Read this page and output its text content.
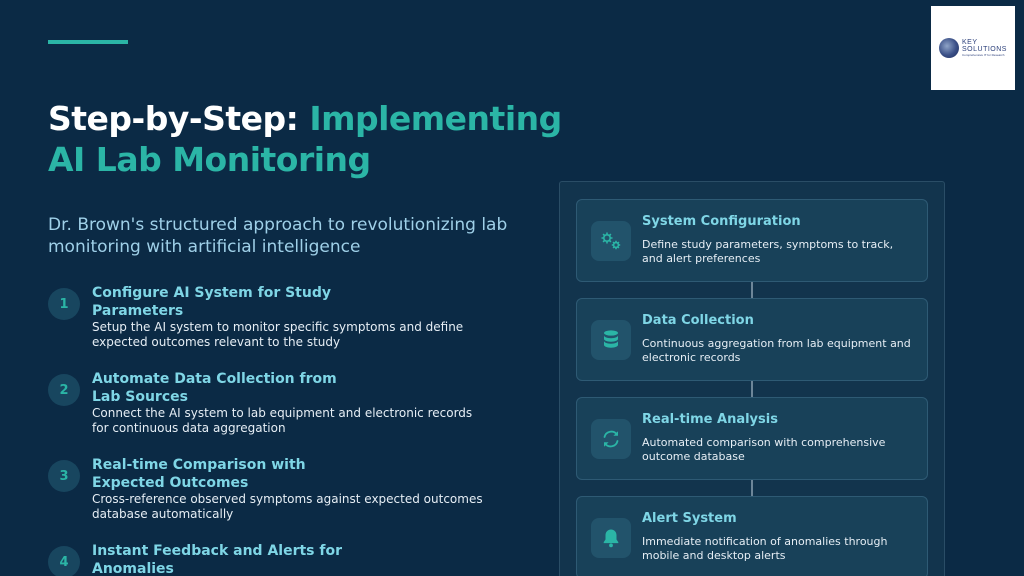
KEY
SOLUTIONS
Comprehensive IT for Research
Step-by-Step: Implementing AI Lab Monitoring

Dr. Brown's structured approach to revolutionizing lab monitoring with artificial intelligence

1
Configure AI System for Study Parameters
Setup the AI system to monitor specific symptoms and define expected outcomes relevant to the study
2
Automate Data Collection from Lab Sources
Connect the AI system to lab equipment and electronic records for continuous data aggregation
3
Real-time Comparison with Expected Outcomes
Cross-reference observed symptoms against expected outcomes database automatically
4
Instant Feedback and Alerts for Anomalies
System Configuration
Define study parameters, symptoms to track, and alert preferences
Data Collection
Continuous aggregation from lab equipment and electronic records
Real-time Analysis
Automated comparison with comprehensive outcome database
Alert System
Immediate notification of anomalies through mobile and desktop alerts
